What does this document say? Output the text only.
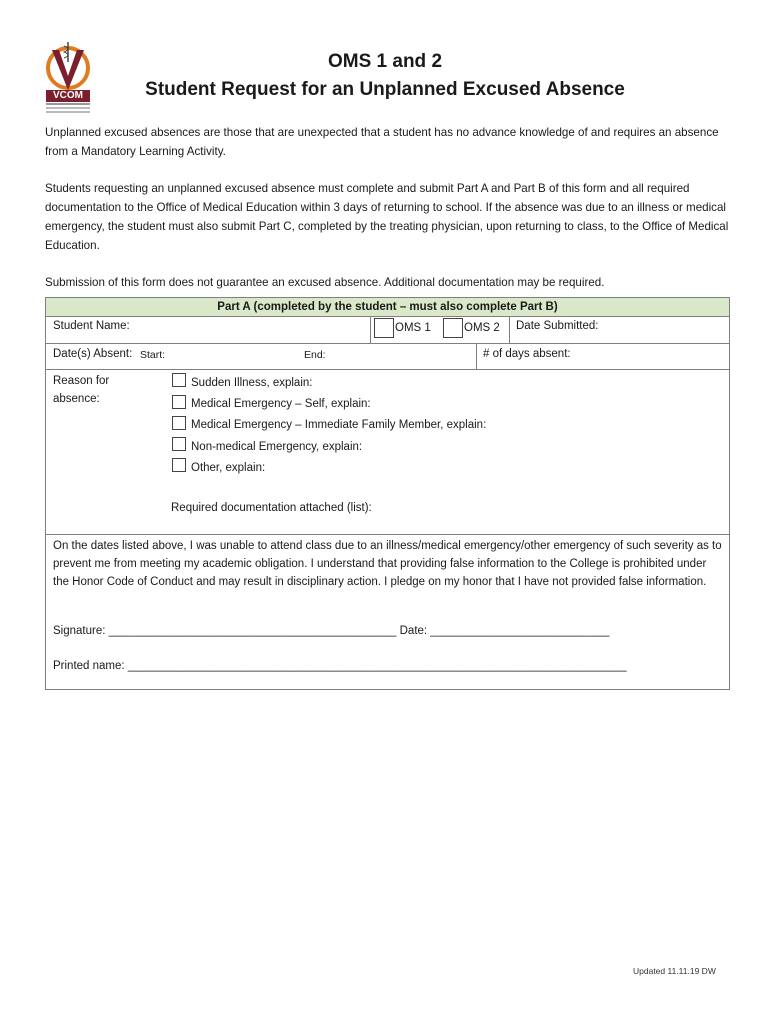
VCOM
OMS 1 and 2
Student Request for an Unplanned Excused Absence
Unplanned excused absences are those that are unexpected that a student has no advance knowledge of and requires an absence from a Mandatory Learning Activity.
Students requesting an unplanned excused absence must complete and submit Part A and Part B of this form and all required documentation to the Office of Medical Education within 3 days of returning to school. If the absence was due to an illness or medical emergency, the student must also submit Part C, completed by the treating physician, upon returning to class, to the Office of Medical Education.
Submission of this form does not guarantee an excused absence. Additional documentation may be required.
Part A (completed by the student – must also complete Part B)
Student Name:	OMS 1	OMS 2 Date Submitted:
Date(s) Absent: Start:	End:	# of days absent:
Reason for
absence:
Sudden Illness, explain:
Medical Emergency – Self, explain:
Medical Emergency – Immediate Family Member, explain:
Non-medical Emergency, explain:
Other, explain:
Required documentation attached (list):
On the dates listed above, I was unable to attend class due to an illness/medical emergency/other emergency of such severity as to prevent me from meeting my academic obligation. I understand that providing false information to the College is prohibited under the Honor Code of Conduct and may result in disciplinary action. I pledge on my honor that I have not provided false information.
Signature: _____________________________________________ Date: ____________________________
Printed name: ______________________________________________________________________________
Updated 11.11.19 DW
